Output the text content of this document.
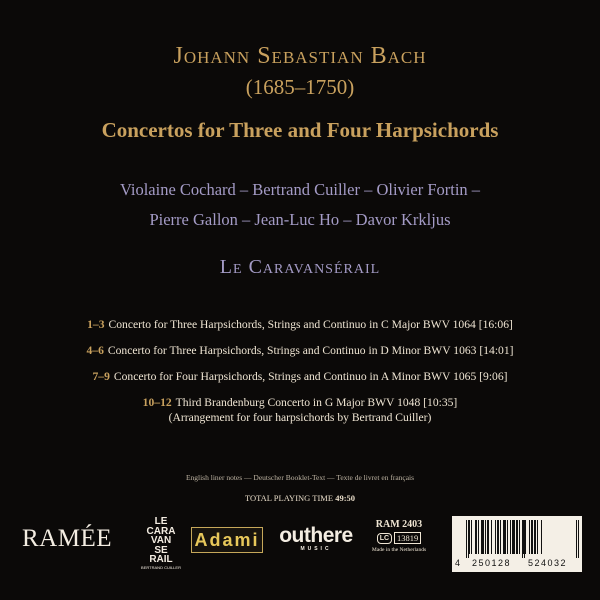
Johann Sebastian Bach
(1685–1750)
Concertos for Three and Four Harpsichords
Violaine Cochard – Bertrand Cuiller – Olivier Fortin –
Pierre Gallon – Jean-Luc Ho – Davor Krkljus
Le Caravansérail
1–3 Concerto for Three Harpsichords, Strings and Continuo in C Major BWV 1064 [16:06]
4–6 Concerto for Three Harpsichords, Strings and Continuo in D Minor BWV 1063 [14:01]
7–9 Concerto for Four Harpsichords, Strings and Continuo in A Minor BWV 1065 [9:06]
10–12 Third Brandenburg Concerto in G Major BWV 1048 [10:35]
(Arrangement for four harpsichords by Bertrand Cuiller)
English liner notes — Deutscher Booklet-Text — Texte de livret en français
TOTAL PLAYING TIME 49:50
RAMÉE
LE
CARA
VAN
SE
RAIL
BERTRAND CUILLER
Adami outhere
MUSIC
RAM 2403
LC 13819
Made in the Netherlands
4 250128 524032
